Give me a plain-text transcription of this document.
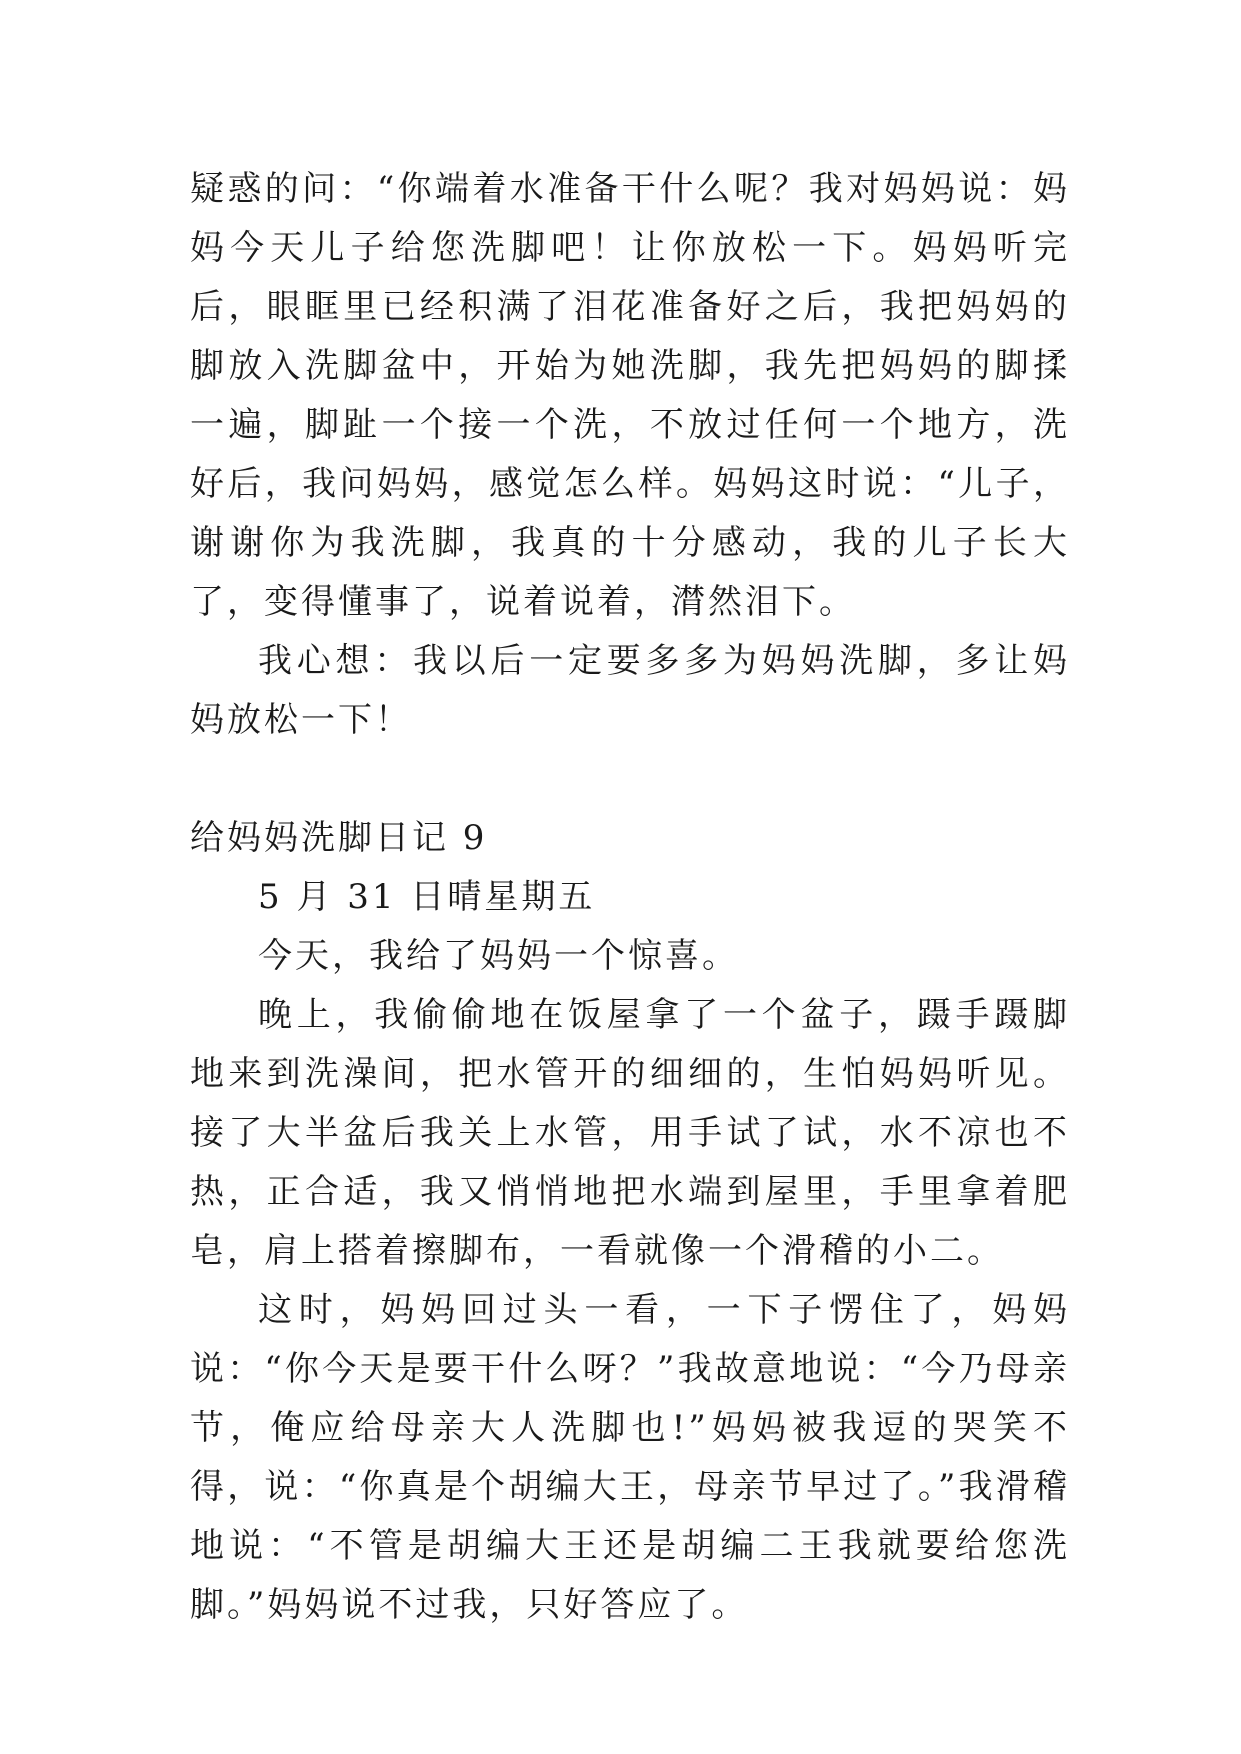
疑惑的问：“你端着水准备干什么呢？我对妈妈说：妈妈今天儿子给您洗脚吧！让你放松一下。妈妈听完后，眼眶里已经积满了泪花准备好之后，我把妈妈的脚放入洗脚盆中，开始为她洗脚，我先把妈妈的脚揉一遍，脚趾一个接一个洗，不放过任何一个地方，洗好后，我问妈妈，感觉怎么样。妈妈这时说：“儿子，谢谢你为我洗脚，我真的十分感动，我的儿子长大了，变得懂事了，说着说着，潸然泪下。

我心想：我以后一定要多多为妈妈洗脚，多让妈妈放松一下！

给妈妈洗脚日记 9

5 月 31 日晴星期五

今天，我给了妈妈一个惊喜。

晚上，我偷偷地在饭屋拿了一个盆子，蹑手蹑脚地来到洗澡间，把水管开的细细的，生怕妈妈听见。接了大半盆后我关上水管，用手试了试，水不凉也不热，正合适，我又悄悄地把水端到屋里，手里拿着肥皂，肩上搭着擦脚布，一看就像一个滑稽的小二。

这时，妈妈回过头一看，一下子愣住了，妈妈说：“你今天是要干什么呀？”我故意地说：“今乃母亲节，俺应给母亲大人洗脚也!”妈妈被我逗的哭笑不得，说：“你真是个胡编大王，母亲节早过了。”我滑稽地说：“不管是胡编大王还是胡编二王我就要给您洗脚。”妈妈说不过我，只好答应了。
